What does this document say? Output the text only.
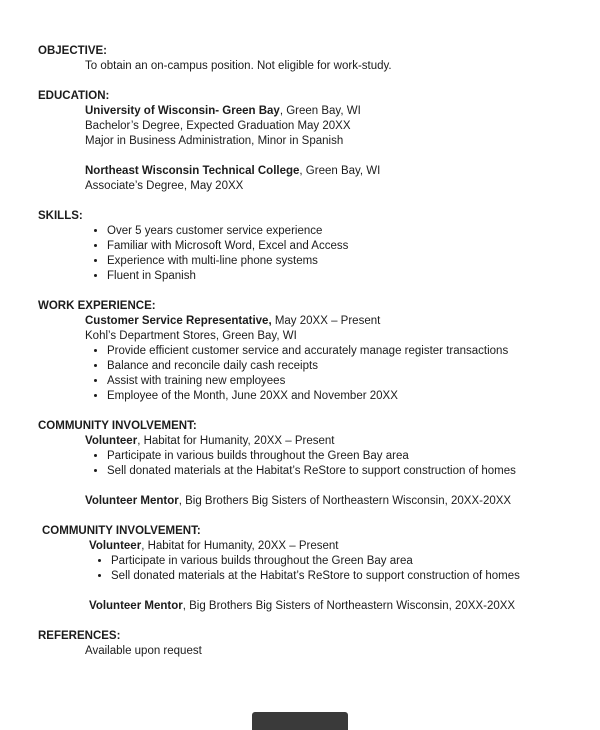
OBJECTIVE:

To obtain an on-campus position. Not eligible for work-study.

EDUCATION:

University of Wisconsin- Green Bay, Green Bay, WI

Bachelor’s Degree, Expected Graduation May 20XX

Major in Business Administration, Minor in Spanish

Northeast Wisconsin Technical College, Green Bay, WI

Associate’s Degree, May 20XX

SKILLS:
• Over 5 years customer service experience
• Familiar with Microsoft Word, Excel and Access
• Experience with multi-line phone systems
• Fluent in Spanish
WORK EXPERIENCE:

Customer Service Representative, May 20XX – Present

Kohl’s Department Stores, Green Bay, WI

• Provide efficient customer service and accurately manage register transactions
• Balance and reconcile daily cash receipts
• Assist with training new employees
• Employee of the Month, June 20XX and November 20XX
COMMUNITY INVOLVEMENT:

Volunteer, Habitat for Humanity, 20XX – Present

• Participate in various builds throughout the Green Bay area
• Sell donated materials at the Habitat’s ReStore to support construction of homes

Volunteer Mentor, Big Brothers Big Sisters of Northeastern Wisconsin, 20XX-20XX

COMMUNITY INVOLVEMENT:

Volunteer, Habitat for Humanity, 20XX – Present

• Participate in various builds throughout the Green Bay area
• Sell donated materials at the Habitat’s ReStore to support construction of homes

Volunteer Mentor, Big Brothers Big Sisters of Northeastern Wisconsin, 20XX-20XX

REFERENCES:

Available upon request
